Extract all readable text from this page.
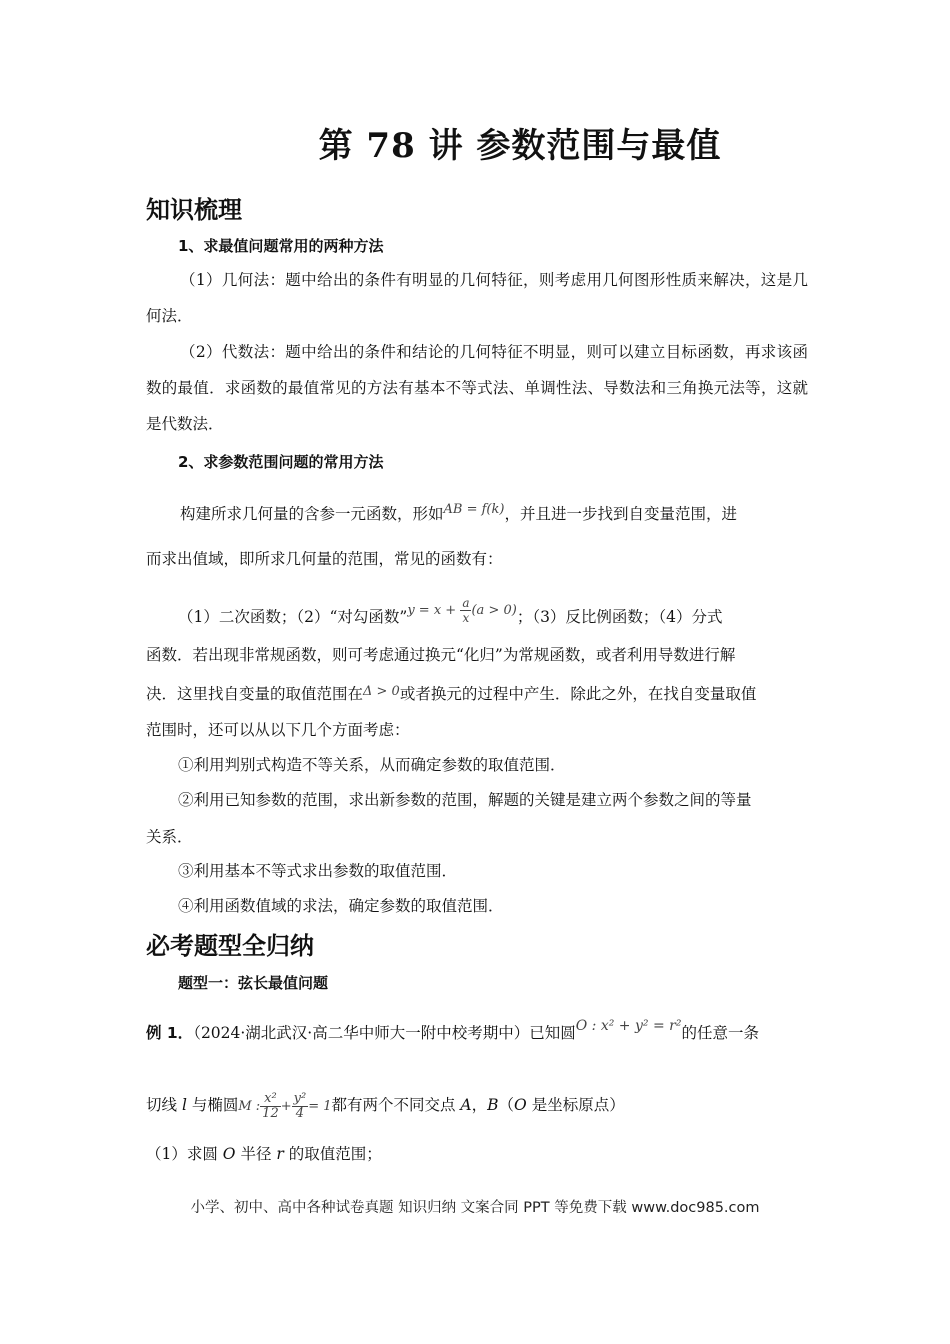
第 78 讲 参数范围与最值
知识梳理
1、求最值问题常用的两种方法
（1）几何法：题中给出的条件有明显的几何特征，则考虑用几何图形性质来解决，这是几何法．
（2）代数法：题中给出的条件和结论的几何特征不明显，则可以建立目标函数，再求该函数的最值．求函数的最值常见的方法有基本不等式法、单调性法、导数法和三角换元法等，这就是代数法．
2、求参数范围问题的常用方法
构建所求几何量的含参一元函数，形如$^{AB = f(k)}$，并且进一步找到自变量范围，进
而求出值域，即所求几何量的范围，常见的函数有：
（1）二次函数；（2）“对勾函数”$^{y = x + \frac{a}{x} (a > 0)}$；（3）反比例函数；（4）分式
函数．若出现非常规函数，则可考虑通过换元“化归”为常规函数，或者利用导数进行解
决．这里找自变量的取值范围在$^{\Delta > 0}$或者换元的过程中产生．除此之外，在找自变量取值
范围时，还可以从以下几个方面考虑：
①利用判别式构造不等关系，从而确定参数的取值范围．
②利用已知参数的范围，求出新参数的范围，解题的关键是建立两个参数之间的等量
关系．
③利用基本不等式求出参数的取值范围．
④利用函数值域的求法，确定参数的取值范围．
必考题型全归纳
题型一：弦长最值问题
例 1．（2024·湖北武汉·高二华中师大一附中校考期中）已知圆O : x² + y² = r²的任意一条
切线 l 与椭圆M : $\frac{\text{x²}}{12} + \frac{\text{y²}}{4} = 1$都有两个不同交点 A，B（O 是坐标原点）
（1）求圆 O 半径 r 的取值范围；
小学、初中、高中各种试卷真题 知识归纳 文案合同 PPT 等免费下载 www.doc985.com
